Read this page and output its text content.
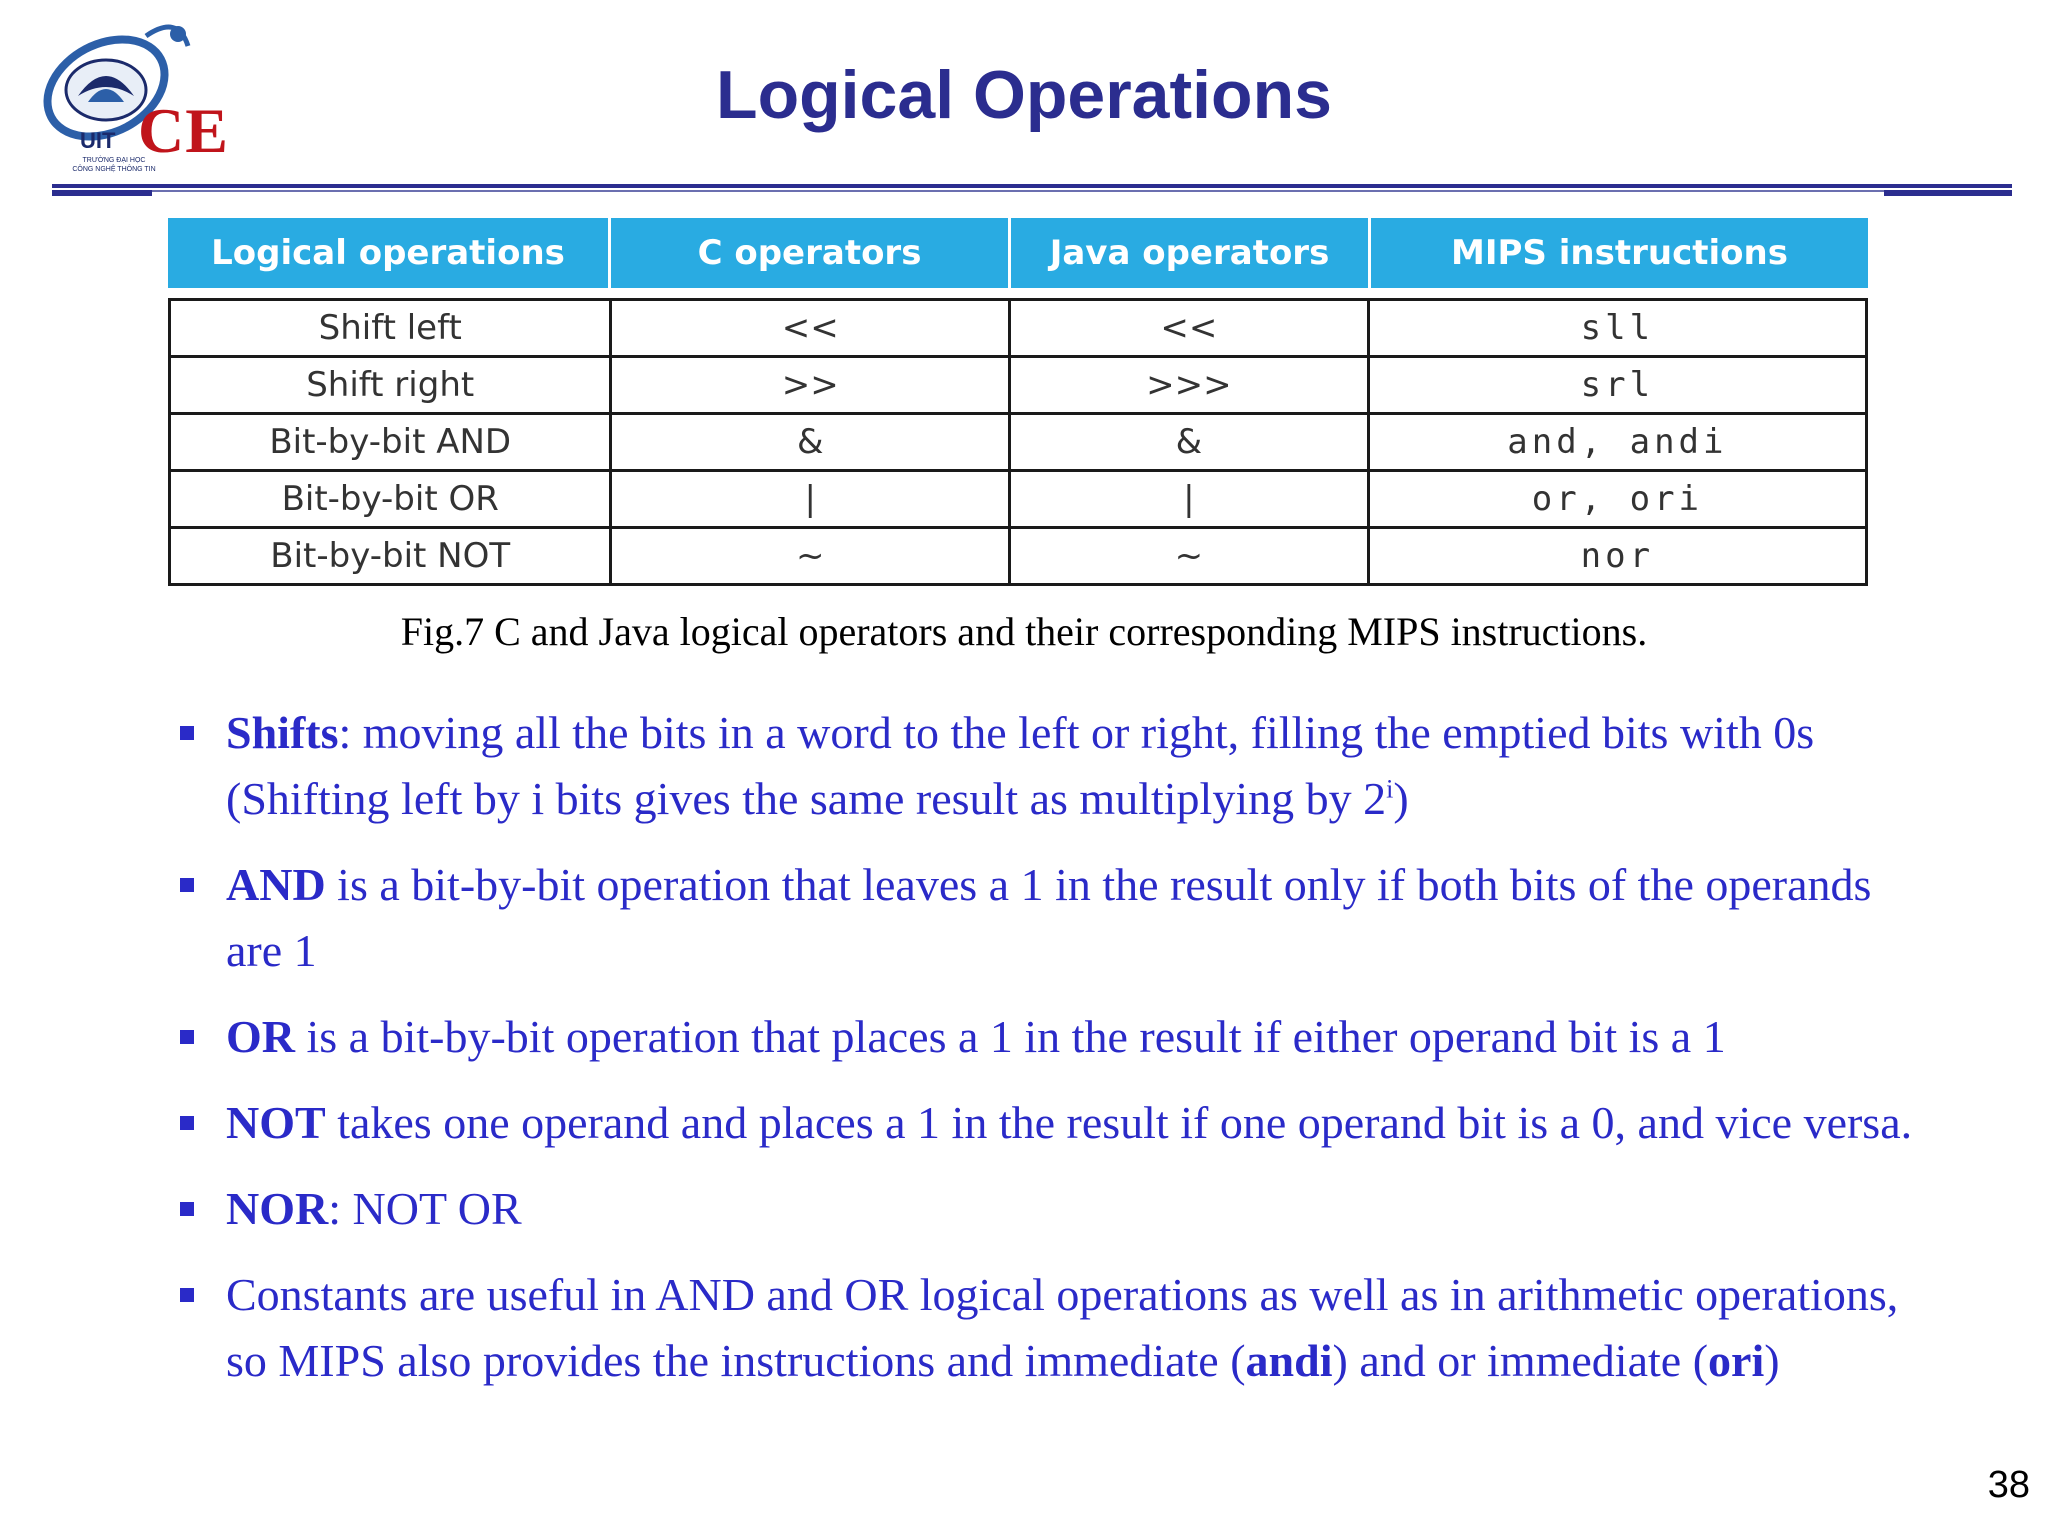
UIT CE
TRƯỜNG ĐẠI HỌC
CÔNG NGHỆ THÔNG TIN
Logical Operations
Logical operations	C operators	Java operators	MIPS instructions
Shift left	<<	<<	sll
Shift right	>>	>>>	srl
Bit-by-bit AND	&	&	and, andi
Bit-by-bit OR	|	|	or, ori
Bit-by-bit NOT	~	~	nor
Fig.7 C and Java logical operators and their corresponding MIPS instructions.
Shifts: moving all the bits in a word to the left or right, filling the emptied bits with 0s (Shifting left by i bits gives the same result as multiplying by 2$^i$)
AND is a bit-by-bit operation that leaves a 1 in the result only if both bits of the operands are 1
OR is a bit-by-bit operation that places a 1 in the result if either operand bit is a 1
NOT takes one operand and places a 1 in the result if one operand bit is a 0, and vice versa.
NOR: NOT OR
Constants are useful in AND and OR logical operations as well as in arithmetic operations, so MIPS also provides the instructions and immediate (andi) and or immediate (ori)
38
